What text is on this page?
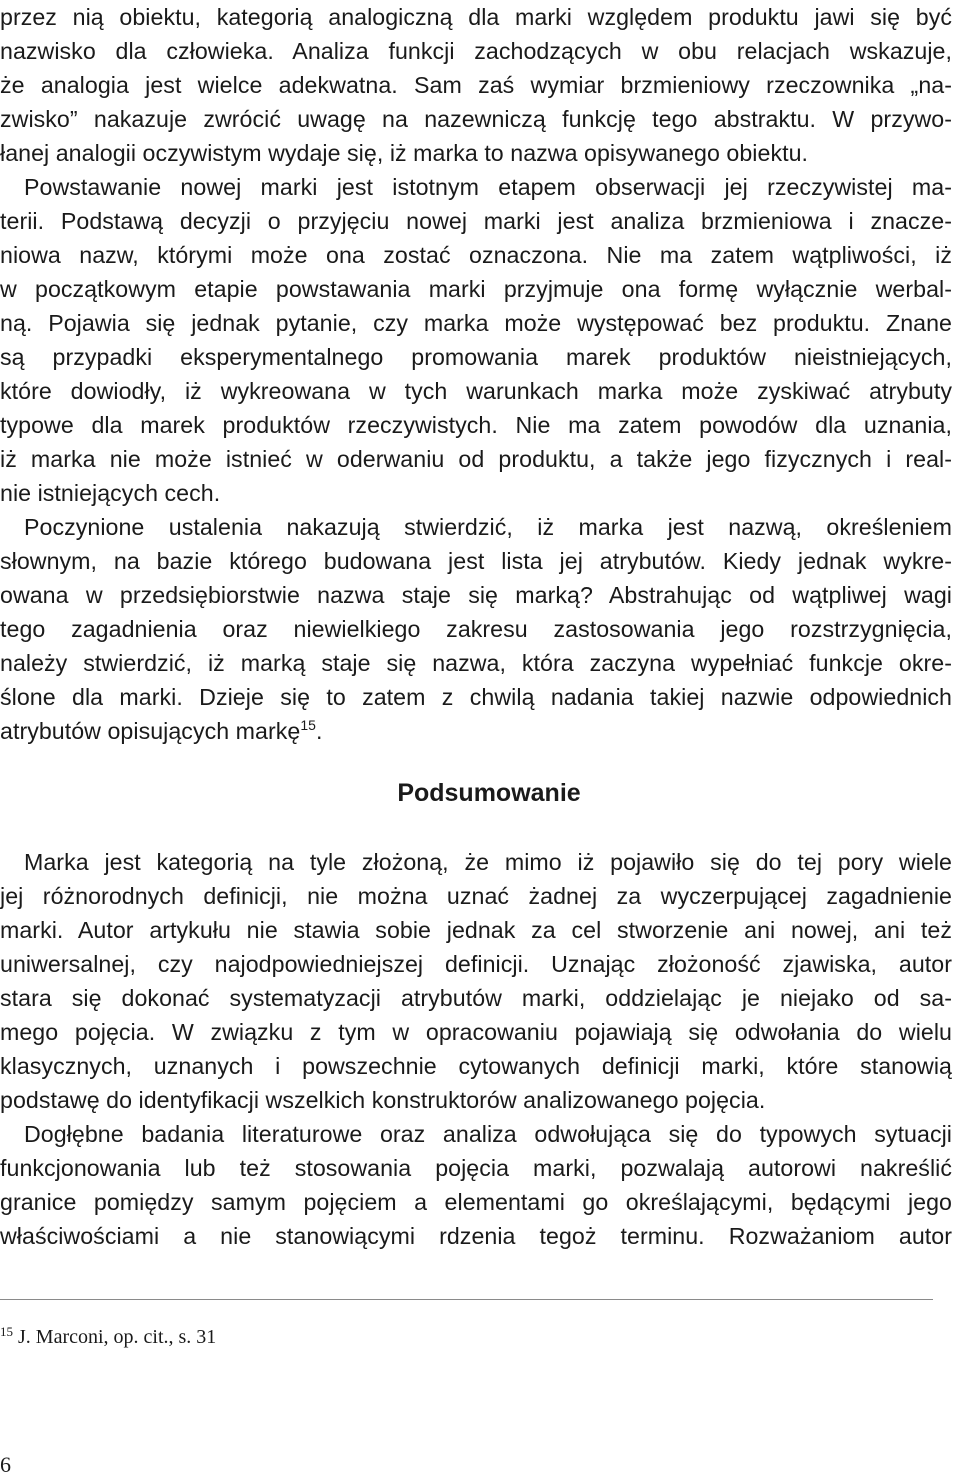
przez nią obiektu, kategorią analogiczną dla marki względem produktu jawi się być

nazwisko dla człowieka. Analiza funkcji zachodzących w obu relacjach wskazuje,

że analogia jest wielce adekwatna. Sam zaś wymiar brzmieniowy rzeczownika „na-

zwisko” nakazuje zwrócić uwagę na nazewniczą funkcję tego abstraktu. W przywo-

łanej analogii oczywistym wydaje się, iż marka to nazwa opisywanego obiektu.

Powstawanie nowej marki jest istotnym etapem obserwacji jej rzeczywistej ma-

terii. Podstawą decyzji o przyjęciu nowej marki jest analiza brzmieniowa i znacze-

niowa nazw, którymi może ona zostać oznaczona. Nie ma zatem wątpliwości, iż

w początkowym etapie powstawania marki przyjmuje ona formę wyłącznie werbal-

ną. Pojawia się jednak pytanie, czy marka może występować bez produktu. Znane

są przypadki eksperymentalnego promowania marek produktów nieistniejących,

które dowiodły, iż wykreowana w tych warunkach marka może zyskiwać atrybuty

typowe dla marek produktów rzeczywistych. Nie ma zatem powodów dla uznania,

iż marka nie może istnieć w oderwaniu od produktu, a także jego fizycznych i real-

nie istniejących cech.

Poczynione ustalenia nakazują stwierdzić, iż marka jest nazwą, określeniem

słownym, na bazie którego budowana jest lista jej atrybutów. Kiedy jednak wykre-

owana w przedsiębiorstwie nazwa staje się marką? Abstrahując od wątpliwej wagi

tego zagadnienia oraz niewielkiego zakresu zastosowania jego rozstrzygnięcia,

należy stwierdzić, iż marką staje się nazwa, która zaczyna wypełniać funkcje okre-

ślone dla marki. Dzieje się to zatem z chwilą nadania takiej nazwie odpowiednich

atrybutów opisujących markę$^{15}$.

Podsumowanie

Marka jest kategorią na tyle złożoną, że mimo iż pojawiło się do tej pory wiele

jej różnorodnych definicji, nie można uznać żadnej za wyczerpującej zagadnienie

marki. Autor artykułu nie stawia sobie jednak za cel stworzenie ani nowej, ani też

uniwersalnej, czy najodpowiedniejszej definicji. Uznając złożoność zjawiska, autor

stara się dokonać systematyzacji atrybutów marki, oddzielając je niejako od sa-

mego pojęcia. W związku z tym w opracowaniu pojawiają się odwołania do wielu

klasycznych, uznanych i powszechnie cytowanych definicji marki, które stanowią

podstawę do identyfikacji wszelkich konstruktorów analizowanego pojęcia.

Dogłębne badania literaturowe oraz analiza odwołująca się do typowych sytuacji

funkcjonowania lub też stosowania pojęcia marki, pozwalają autorowi nakreślić

granice pomiędzy samym pojęciem a elementami go określającymi, będącymi jego

właściwościami a nie stanowiącymi rdzenia tegoż terminu. Rozważaniom autor

$^{15}$ J. Marconi, op. cit., s. 31
6
